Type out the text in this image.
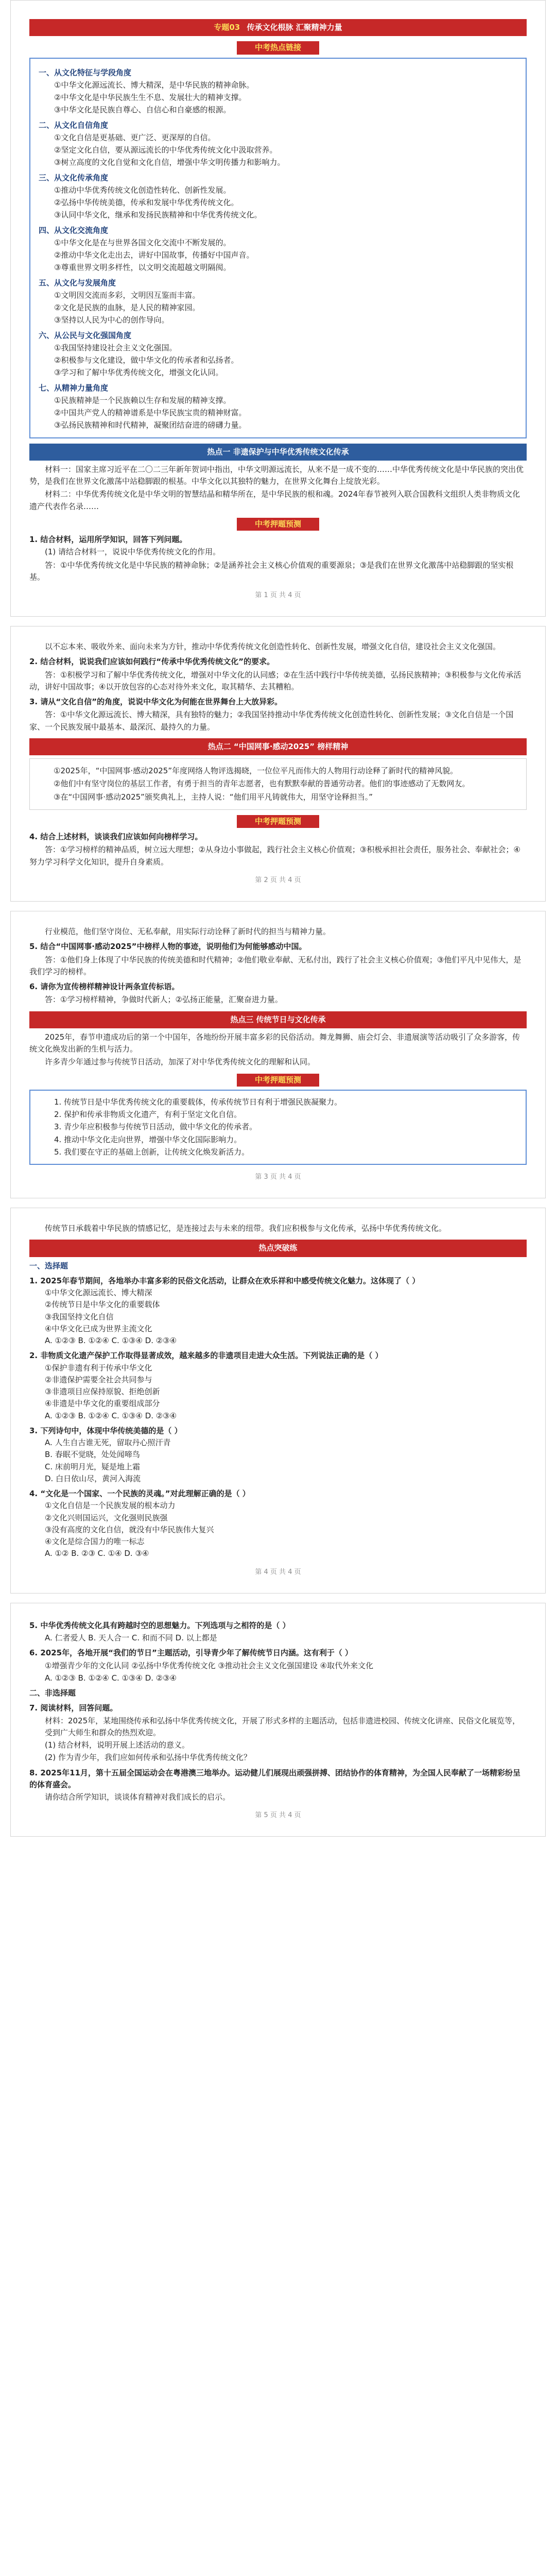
专题03 传承文化根脉 汇聚精神力量
中考热点链接
一、从文化特征与学段角度
①中华文化源远流长、博大精深，是中华民族的精神命脉。
②中华文化是中华民族生生不息、发展壮大的精神支撑。
③中华文化是民族自尊心、自信心和自豪感的根源。
二、从文化自信角度
①文化自信是更基础、更广泛、更深厚的自信。
②坚定文化自信，要从源远流长的中华优秀传统文化中汲取营养。
③树立高度的文化自觉和文化自信，增强中华文明传播力和影响力。
三、从文化传承角度
①推动中华优秀传统文化创造性转化、创新性发展。
②弘扬中华传统美德，传承和发展中华优秀传统文化。
③认同中华文化，继承和发扬民族精神和中华优秀传统文化。
四、从文化交流角度
①中华文化是在与世界各国文化交流中不断发展的。
②推动中华文化走出去，讲好中国故事，传播好中国声音。
③尊重世界文明多样性，以文明交流超越文明隔阂。
五、从文化与发展角度
①文明因交流而多彩，文明因互鉴而丰富。
②文化是民族的血脉，是人民的精神家园。
③坚持以人民为中心的创作导向。
六、从公民与文化强国角度
①我国坚持建设社会主义文化强国。
②积极参与文化建设，做中华文化的传承者和弘扬者。
③学习和了解中华优秀传统文化，增强文化认同。
七、从精神力量角度
①民族精神是一个民族赖以生存和发展的精神支撑。
②中国共产党人的精神谱系是中华民族宝贵的精神财富。
③弘扬民族精神和时代精神，凝聚团结奋进的磅礴力量。
热点一 非遗保护与中华优秀传统文化传承

材料一：国家主席习近平在二〇二三年新年贺词中指出，中华文明源远流长，从来不是一成不变的……中华优秀传统文化是中华民族的突出优势，是我们在世界文化激荡中站稳脚跟的根基。中华文化以其独特的魅力，在世界文化舞台上绽放光彩。

材料二：中华优秀传统文化是中华文明的智慧结晶和精华所在，是中华民族的根和魂。2024年春节被列入联合国教科文组织人类非物质文化遗产代表作名录……

中考押题预测
1. 结合材料，运用所学知识，回答下列问题。
(1) 请结合材料一，说说中华优秀传统文化的作用。

答：①中华优秀传统文化是中华民族的精神命脉；②是涵养社会主义核心价值观的重要源泉；③是我们在世界文化激荡中站稳脚跟的坚实根基。

第 1 页 共 4 页

以不忘本来、吸收外来、面向未来为方针，推动中华优秀传统文化创造性转化、创新性发展，增强文化自信，建设社会主义文化强国。

2. 结合材料，说说我们应该如何践行“传承中华优秀传统文化”的要求。

答：①积极学习和了解中华优秀传统文化，增强对中华文化的认同感；②在生活中践行中华传统美德，弘扬民族精神；③积极参与文化传承活动，讲好中国故事；④以开放包容的心态对待外来文化，取其精华、去其糟粕。

3. 请从“文化自信”的角度，说说中华文化为何能在世界舞台上大放异彩。

答：①中华文化源远流长、博大精深，具有独特的魅力；②我国坚持推动中华优秀传统文化创造性转化、创新性发展；③文化自信是一个国家、一个民族发展中最基本、最深沉、最持久的力量。

热点二 “中国网事·感动2025” 榜样精神

①2025年，“中国网事·感动2025”年度网络人物评选揭晓，一位位平凡而伟大的人物用行动诠释了新时代的精神风貌。

②他们中有坚守岗位的基层工作者，有勇于担当的青年志愿者，也有默默奉献的普通劳动者。他们的事迹感动了无数网友。

③在“中国网事·感动2025”颁奖典礼上，主持人说：“他们用平凡铸就伟大，用坚守诠释担当。”

中考押题预测
4. 结合上述材料，谈谈我们应该如何向榜样学习。

答：①学习榜样的精神品质，树立远大理想；②从身边小事做起，践行社会主义核心价值观；③积极承担社会责任，服务社会、奉献社会；④努力学习科学文化知识，提升自身素质。

第 2 页 共 4 页

行业模范，他们坚守岗位、无私奉献，用实际行动诠释了新时代的担当与精神力量。

5. 结合“中国网事·感动2025”中榜样人物的事迹，说明他们为何能够感动中国。

答：①他们身上体现了中华民族的传统美德和时代精神；②他们敬业奉献、无私付出，践行了社会主义核心价值观；③他们平凡中见伟大，是我们学习的榜样。

6. 请你为宣传榜样精神设计两条宣传标语。

答：①学习榜样精神，争做时代新人；②弘扬正能量，汇聚奋进力量。

热点三 传统节日与文化传承

2025年，春节申遗成功后的第一个中国年，各地纷纷开展丰富多彩的民俗活动。舞龙舞狮、庙会灯会、非遗展演等活动吸引了众多游客，传统文化焕发出新的生机与活力。

许多青少年通过参与传统节日活动，加深了对中华优秀传统文化的理解和认同。

中考押题预测
1. 传统节日是中华优秀传统文化的重要载体，传承传统节日有利于增强民族凝聚力。
2. 保护和传承非物质文化遗产，有利于坚定文化自信。
3. 青少年应积极参与传统节日活动，做中华文化的传承者。
4. 推动中华文化走向世界，增强中华文化国际影响力。
5. 我们要在守正的基础上创新，让传统文化焕发新活力。
第 3 页 共 4 页

传统节日承载着中华民族的情感记忆，是连接过去与未来的纽带。我们应积极参与文化传承，弘扬中华优秀传统文化。

热点突破练
一、选择题
1. 2025年春节期间，各地举办丰富多彩的民俗文化活动，让群众在欢乐祥和中感受传统文化魅力。这体现了（ ）
①中华文化源远流长、博大精深
②传统节日是中华文化的重要载体
③我国坚持文化自信
④中华文化已成为世界主流文化
A. ①②③ B. ①②④ C. ①③④ D. ②③④
2. 非物质文化遗产保护工作取得显著成效，越来越多的非遗项目走进大众生活。下列说法正确的是（ ）
①保护非遗有利于传承中华文化
②非遗保护需要全社会共同参与
③非遗项目应保持原貌、拒绝创新
④非遗是中华文化的重要组成部分
A. ①②③ B. ①②④ C. ①③④ D. ②③④
3. 下列诗句中，体现中华传统美德的是（ ）
A. 人生自古谁无死，留取丹心照汗青
B. 春眠不觉晓，处处闻啼鸟
C. 床前明月光，疑是地上霜
D. 白日依山尽，黄河入海流
4. “文化是一个国家、一个民族的灵魂。”对此理解正确的是（ ）
①文化自信是一个民族发展的根本动力
②文化兴则国运兴，文化强则民族强
③没有高度的文化自信，就没有中华民族伟大复兴
④文化是综合国力的唯一标志
A. ①② B. ②③ C. ①④ D. ③④
第 4 页 共 4 页
5. 中华优秀传统文化具有跨越时空的思想魅力。下列选项与之相符的是（ ）
A. 仁者爱人 B. 天人合一 C. 和而不同 D. 以上都是
6. 2025年，各地开展“我们的节日”主题活动，引导青少年了解传统节日内涵。这有利于（ ）
①增强青少年的文化认同 ②弘扬中华优秀传统文化 ③推动社会主义文化强国建设 ④取代外来文化
A. ①②③ B. ①②④ C. ①③④ D. ②③④
二、非选择题
7. 阅读材料，回答问题。
材料：2025年，某地围绕传承和弘扬中华优秀传统文化，开展了形式多样的主题活动，包括非遗进校园、传统文化讲座、民俗文化展览等，受到广大师生和群众的热烈欢迎。
(1) 结合材料，说明开展上述活动的意义。
(2) 作为青少年，我们应如何传承和弘扬中华优秀传统文化？
8. 2025年11月，第十五届全国运动会在粤港澳三地举办。运动健儿们展现出顽强拼搏、团结协作的体育精神，为全国人民奉献了一场精彩纷呈的体育盛会。
请你结合所学知识，谈谈体育精神对我们成长的启示。
第 5 页 共 4 页
